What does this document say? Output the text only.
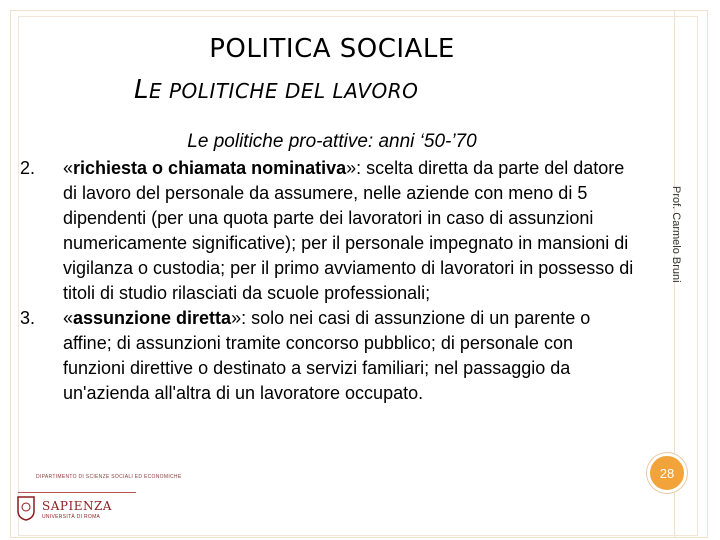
POLITICA SOCIALE
LE POLITICHE DEL LAVORO
Le politiche pro-attive: anni ‘50-’70
2.	«richiesta o chiamata nominativa»: scelta diretta da parte del datore di lavoro del personale da assumere, nelle aziende con meno di 5 dipendenti (per una quota parte dei lavoratori in caso di assunzioni numericamente significative); per il personale impegnato in mansioni di vigilanza o custodia; per il primo avviamento di lavoratori in possesso di titoli di studio rilasciati da scuole professionali;
3.	«assunzione diretta»: solo nei casi di assunzione di un parente o affine; di assunzioni tramite concorso pubblico; di personale con funzioni direttive o destinato a servizi familiari; nel passaggio da un'azienda all'altra di un lavoratore occupato.
Prof. Carmelo Bruni
28
DIPARTIMENTO DI SCIENZE SOCIALI ED ECONOMICHE
SAPIENZA
UNIVERSITÀ DI ROMA
